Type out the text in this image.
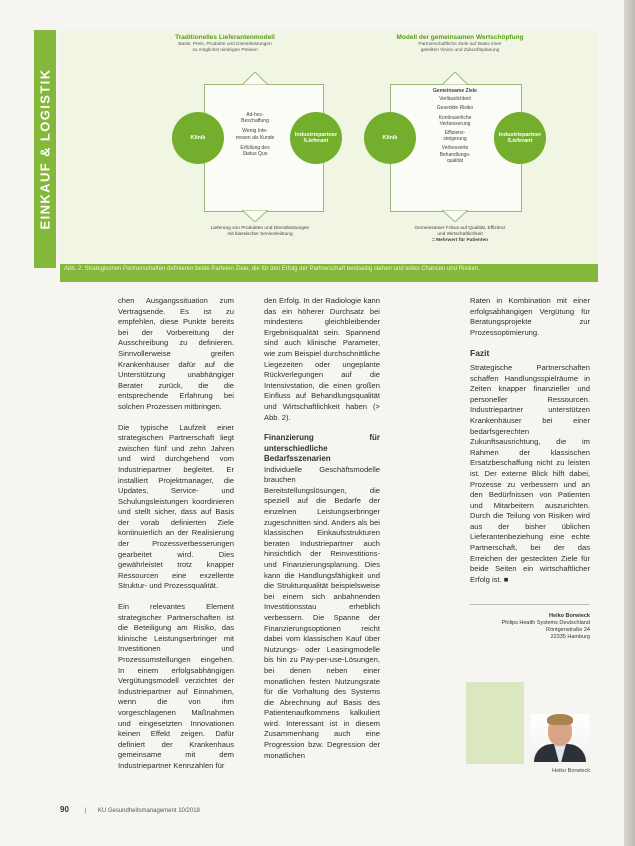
EINKAUF & LOGISTIK
Traditionelles Lieferantenmodell
Basis: Preis, Produkte und Dienstleistungen
zu möglichst niedrigen Preisen
Klinik
Industriepartner
/Lieferant
Ad-hoc-
Beschaffung
Wenig Inte-
ressen als Kunde
Erfüllung des
Status Quo
Lieferung von Produkten und Dienstleistungen
mit klassischer Serviceleistung
Modell der gemeinsamen Wertschöpfung
Partnerschaftliche Ziele auf Basis einer
geteilten Vision und Zukunftsplanung
Klinik
Industriepartner
/Lieferant
Gemeinsame Ziele
Verlässlichkeit
Gesenkte Risiko
Kontinuierliche
Verbesserung
Effizienz-
steigerung
Verbesserte
Behandlungs-
qualität
Gemeinsamer Fokus auf Qualität, Effizienz
und Wirtschaftlichkeit
= Mehrwert für Patienten
Abb. 2: Strategischen Partnerschaften definieren beide Parteien Ziele, die für den Erfolg der Partnerschaft beidseitig stehen und teilen Chancen und Risiken.

chen Ausgangssituation zum Vertragsende. Es ist zu empfehlen, diese Punkte bereits bei der Vorbereitung der Ausschreibung zu definieren. Sinnvollerweise greifen Krankenhäuser dafür auf die Unterstützung unabhängiger Berater zurück, die die entsprechende Erfahrung bei solchen Prozessen mitbringen.

Die typische Laufzeit einer strategischen Partnerschaft liegt zwischen fünf und zehn Jahren und wird durchgehend vom Industriepartner begleitet. Er installiert Projektmanager, die Updates, Service- und Schulungsleistungen koordinieren und stellt sicher, dass auf Basis der vorab definierten Ziele kontinuierlich an der Realisierung der Prozessverbesserungen gearbeitet wird. Dies gewährleistet trotz knapper Ressourcen eine exzellente Struktur- und Prozessqualität.

Ein relevantes Element strategischer Partnerschaften ist die Beteiligung am Risiko, das klinische Leistungserbringer mit Investitionen und Prozessumstellungen eingehen. In einem erfolgsabhängigen Vergütungsmodell verzichtet der Industriepartner auf Einnahmen, wenn die von ihm vorgeschlagenen Maßnahmen und eingesetzten Innovationen keinen Effekt zeigen. Dafür definiert der Krankenhaus gemeinsame mit dem Industriepartner Kennzahlen für

den Erfolg. In der Radiologie kann das ein höherer Durchsatz bei mindestens gleichbleibender Ergebnisqualität sein. Spannend sind auch klinische Parameter, wie zum Beispiel durchschnittliche Liegezeiten oder ungeplante Rückverlegungen auf die Intensivstation, die einen großen Einfluss auf Behandlungsqualität und Wirtschaftlichkeit haben (> Abb. 2).

Finanzierung für unterschiedliche Bedarfsszenarien

Individuelle Geschäftsmodelle brauchen Bereitstellungslösungen, die speziell auf die Bedarfe der einzelnen Leistungserbringer zugeschnitten sind. Anders als bei klassischen Einkaufsstrukturen beraten Industriepartner auch hinsichtlich der Reinvestitions- und Finanzierungsplanung. Dies kann die Handlungsfähigkeit und die Strukturqualität beispielsweise bei einem sich anbahnenden Investitionsstau erheblich verbessern. Die Spanne der Finanzierungsoptionen reicht dabei vom klassischen Kauf über Nutzungs- oder Leasingmodelle bis hin zu Pay-per-use-Lösungen, bei denen neben einer monatlichen festen Nutzungsrate für die Vorhaltung des Systems die Abrechnung auf Basis des Patientenaufkommens kalkuliert wird. Interessant ist in diesem Zusammenhang auch eine Progression bzw. Degression der monatlichen

Raten in Kombination mit einer erfolgsabhängigen Vergütung für Beratungsprojekte zur Prozessoptimierung.

Fazit

Strategische Partnerschaften schaffen Handlungsspielräume in Zeiten knapper finanzieller und personeller Ressourcen. Industriepartner unterstützen Krankenhäuser bei einer bedarfsgerechten Zukunftsausrichtung, die im Rahmen der klassischen Ersatzbeschaffung nicht zu leisten ist. Der externe Blick hilft dabei, Prozesse zu verbessern und an den Bedürfnissen von Patienten und Mitarbeitern auszurichten. Durch die Teilung von Risiken wird aus der bisher üblichen Lieferantenbeziehung eine echte Partnerschaft, bei der das Erreichen der gesteckten Ziele für beide Seiten ein wirtschaftlicher Erfolg ist. ■

Heiko Borwieck
Philips Health Systems Deutschland
Röntgenstraße 24
22335 Hamburg
Heiko Borwieck
90	| KU Gesundheitsmanagement 10/2018
